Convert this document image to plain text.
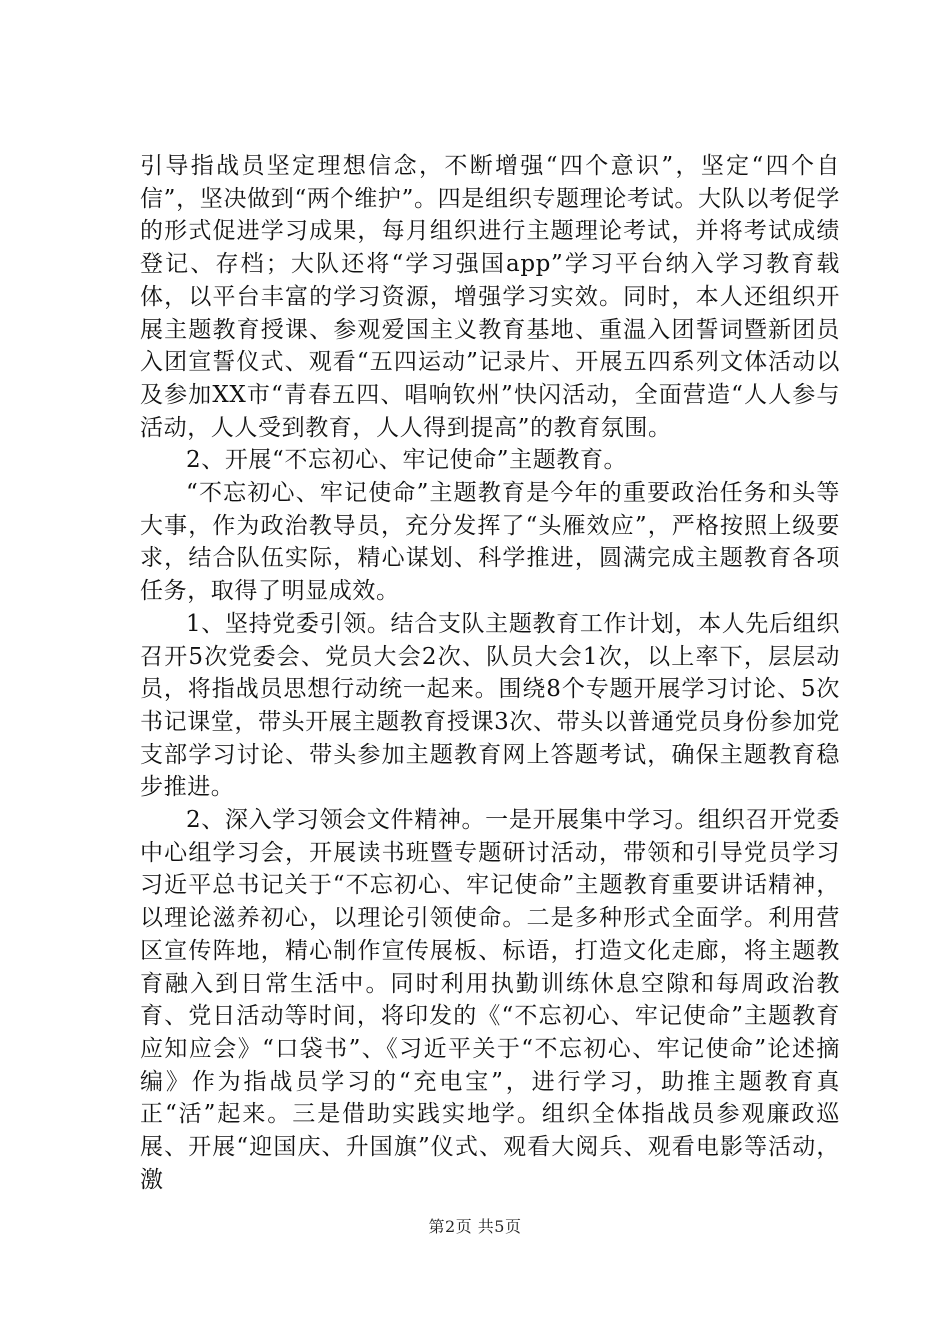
引导指战员坚定理想信念，不断增强“四个意识”，坚定“四个自信”，坚决做到“两个维护”。四是组织专题理论考试。大队以考促学的形式促进学习成果，每月组织进行主题理论考试，并将考试成绩登记、存档；大队还将“学习强国app”学习平台纳入学习教育载体，以平台丰富的学习资源，增强学习实效。同时，本人还组织开展主题教育授课、参观爱国主义教育基地、重温入团誓词暨新团员入团宣誓仪式、观看“五四运动”记录片、开展五四系列文体活动以及参加XX市“青春五四、唱响钦州”快闪活动，全面营造“人人参与活动，人人受到教育，人人得到提高”的教育氛围。

2、开展“不忘初心、牢记使命”主题教育。

“不忘初心、牢记使命”主题教育是今年的重要政治任务和头等大事，作为政治教导员，充分发挥了“头雁效应”，严格按照上级要求，结合队伍实际，精心谋划、科学推进，圆满完成主题教育各项任务，取得了明显成效。

1、坚持党委引领。结合支队主题教育工作计划，本人先后组织召开5次党委会、党员大会2次、队员大会1次，以上率下，层层动员，将指战员思想行动统一起来。围绕8个专题开展学习讨论、5次书记课堂，带头开展主题教育授课3次、带头以普通党员身份参加党支部学习讨论、带头参加主题教育网上答题考试，确保主题教育稳步推进。

2、深入学习领会文件精神。一是开展集中学习。组织召开党委中心组学习会，开展读书班暨专题研讨活动，带领和引导党员学习习近平总书记关于“不忘初心、牢记使命”主题教育重要讲话精神，以理论滋养初心，以理论引领使命。二是多种形式全面学。利用营区宣传阵地，精心制作宣传展板、标语，打造文化走廊，将主题教育融入到日常生活中。同时利用执勤训练休息空隙和每周政治教育、党日活动等时间，将印发的《“不忘初心、牢记使命”主题教育应知应会》“口袋书”、《习近平关于“不忘初心、牢记使命”论述摘编》作为指战员学习的“充电宝”，进行学习，助推主题教育真正“活”起来。三是借助实践实地学。组织全体指战员参观廉政巡展、开展“迎国庆、升国旗”仪式、观看大阅兵、观看电影等活动，激

第2页 共5页
